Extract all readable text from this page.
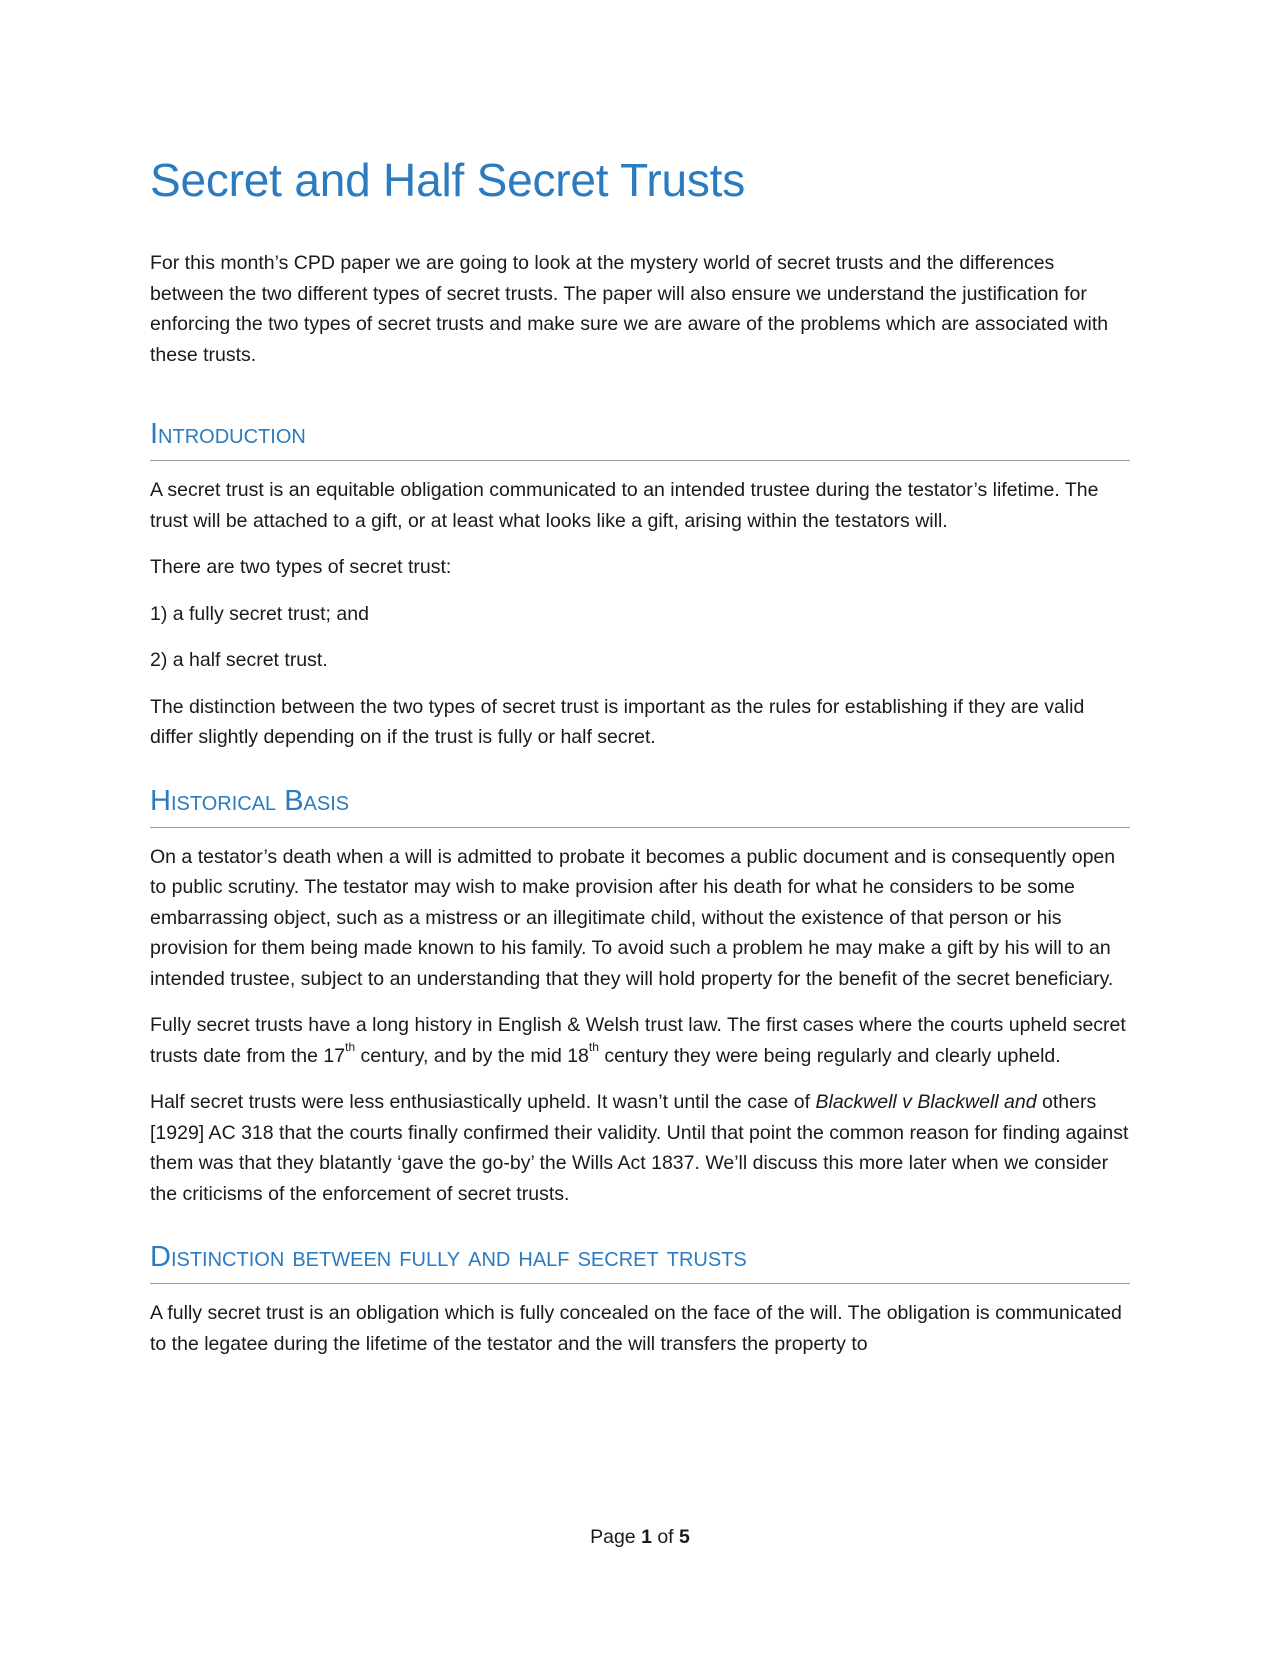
Secret and Half Secret Trusts

For this month’s CPD paper we are going to look at the mystery world of secret trusts and the differences between the two different types of secret trusts. The paper will also ensure we understand the justification for enforcing the two types of secret trusts and make sure we are aware of the problems which are associated with these trusts.

Introduction

A secret trust is an equitable obligation communicated to an intended trustee during the testator’s lifetime. The trust will be attached to a gift, or at least what looks like a gift, arising within the testators will.

There are two types of secret trust:

1) a fully secret trust; and

2) a half secret trust.

The distinction between the two types of secret trust is important as the rules for establishing if they are valid differ slightly depending on if the trust is fully or half secret.

Historical Basis

On a testator’s death when a will is admitted to probate it becomes a public document and is consequently open to public scrutiny. The testator may wish to make provision after his death for what he considers to be some embarrassing object, such as a mistress or an illegitimate child, without the existence of that person or his provision for them being made known to his family. To avoid such a problem he may make a gift by his will to an intended trustee, subject to an understanding that they will hold property for the benefit of the secret beneficiary.

Fully secret trusts have a long history in English & Welsh trust law. The first cases where the courts upheld secret trusts date from the 17th century, and by the mid 18th century they were being regularly and clearly upheld.

Half secret trusts were less enthusiastically upheld. It wasn’t until the case of Blackwell v Blackwell and others [1929] AC 318 that the courts finally confirmed their validity. Until that point the common reason for finding against them was that they blatantly ‘gave the go-by’ the Wills Act 1837. We’ll discuss this more later when we consider the criticisms of the enforcement of secret trusts.

Distinction between fully and half secret trusts

A fully secret trust is an obligation which is fully concealed on the face of the will. The obligation is communicated to the legatee during the lifetime of the testator and the will transfers the property to

Page 1 of 5
